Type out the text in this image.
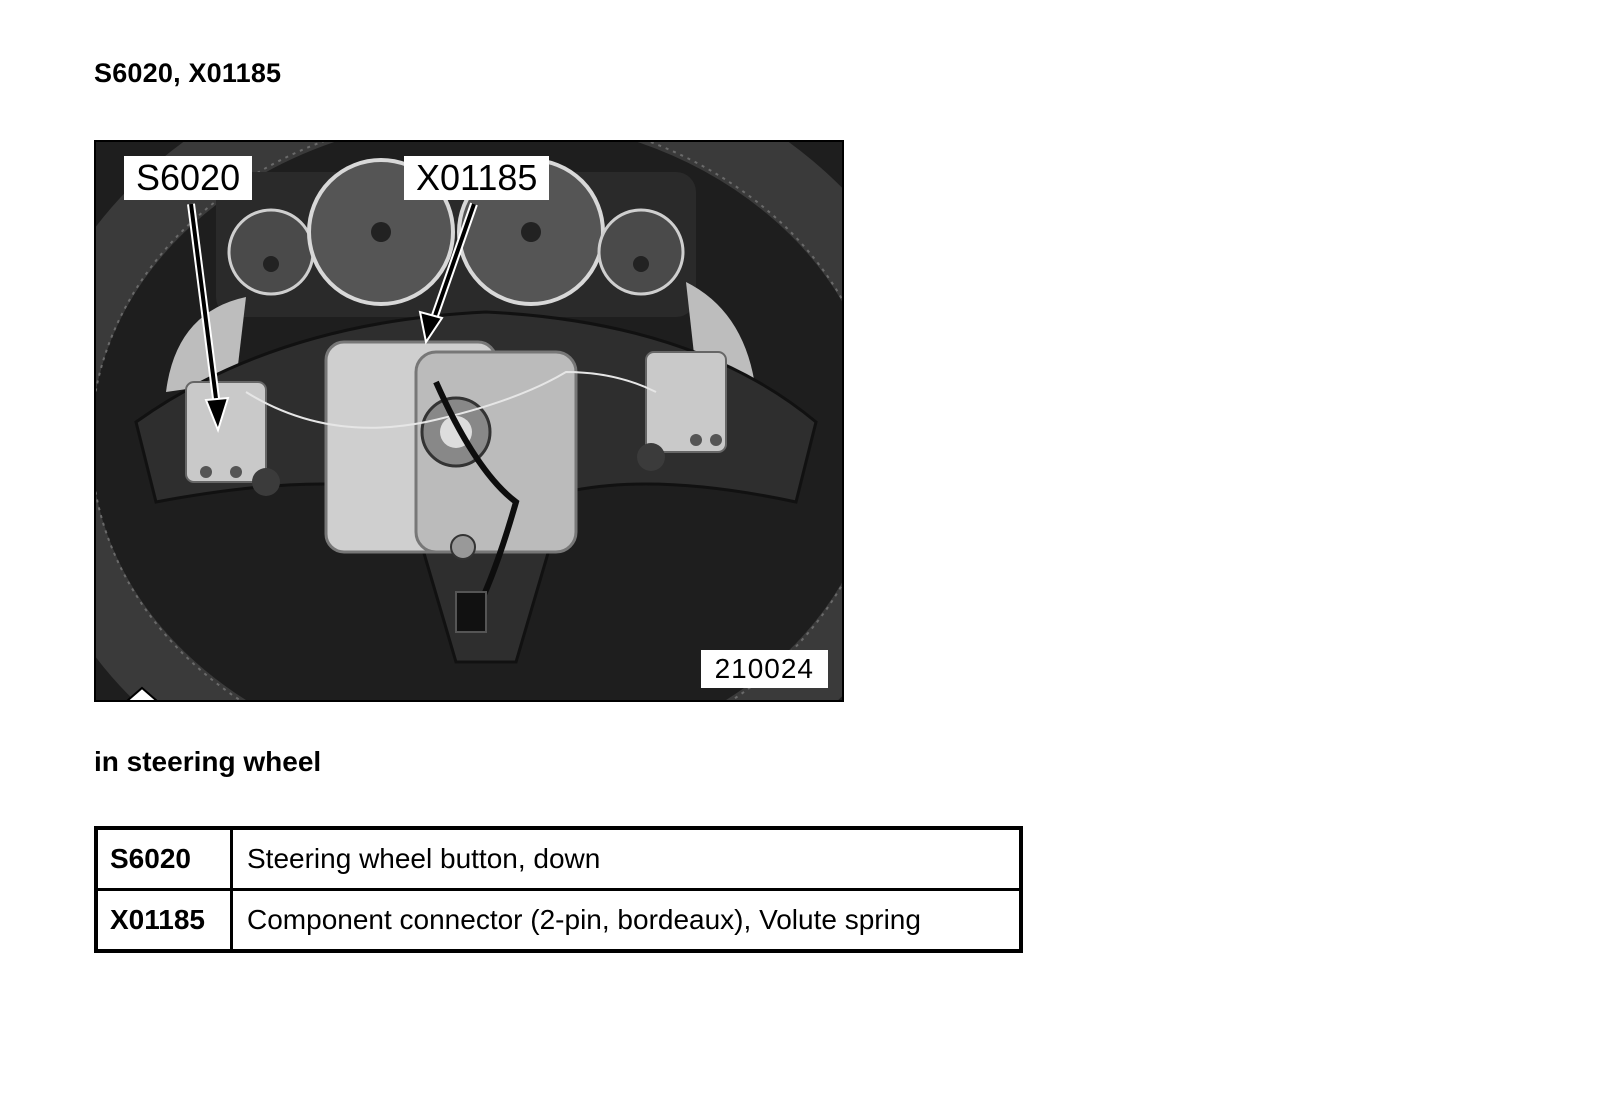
S6020, X01185
S6020	X01185
210024
in steering wheel
S6020	Steering wheel button, down
X01185	Component connector (2-pin, bordeaux), Volute spring
